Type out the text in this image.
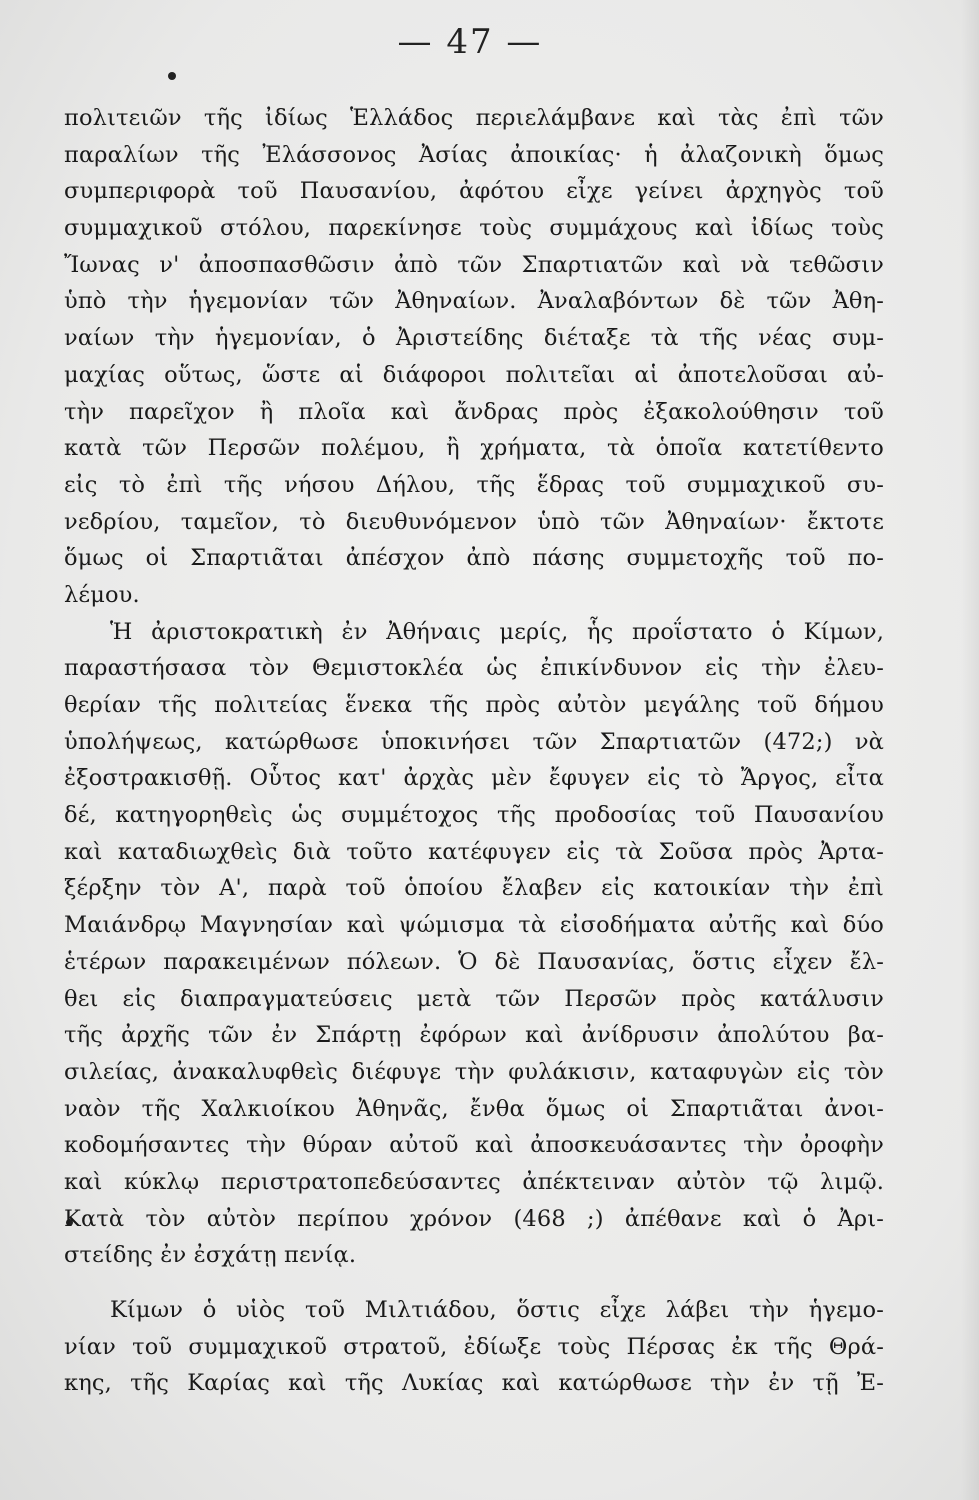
— 47 —
πολιτειῶν τῆς ἰδίως Ἑλλάδος περιελάμβανε καὶ τὰς ἐπὶ τῶν
παραλίων τῆς Ἐλάσσονος Ἀσίας ἀποικίας· ἡ ἀλαζονικὴ ὅμως
συμπεριφορὰ τοῦ Παυσανίου, ἀφότου εἶχε γείνει ἀρχηγὸς τοῦ
συμμαχικοῦ στόλου, παρεκίνησε τοὺς συμμάχους καὶ ἰδίως τοὺς
Ἴωνας ν' ἀποσπασθῶσιν ἀπὸ τῶν Σπαρτιατῶν καὶ νὰ τεθῶσιν
ὑπὸ τὴν ἡγεμονίαν τῶν Ἀθηναίων. Ἀναλαβόντων δὲ τῶν Ἀθη-
ναίων τὴν ἡγεμονίαν, ὁ Ἀριστείδης διέταξε τὰ τῆς νέας συμ-
μαχίας οὕτως, ὥστε αἱ διάφοροι πολιτεῖαι αἱ ἀποτελοῦσαι αὐ-
τὴν παρεῖχον ἢ πλοῖα καὶ ἄνδρας πρὸς ἐξακολούθησιν τοῦ
κατὰ τῶν Περσῶν πολέμου, ἢ χρήματα, τὰ ὁποῖα κατετίθεντο
εἰς τὸ ἐπὶ τῆς νήσου Δήλου, τῆς ἕδρας τοῦ συμμαχικοῦ συ-
νεδρίου, ταμεῖον, τὸ διευθυνόμενον ὑπὸ τῶν Ἀθηναίων· ἔκτοτε
ὅμως οἱ Σπαρτιᾶται ἀπέσχον ἀπὸ πάσης συμμετοχῆς τοῦ πο-
λέμου.
Ἡ ἀριστοκρατικὴ ἐν Ἀθήναις μερίς, ἧς προΐστατο ὁ Κίμων,
παραστήσασα τὸν Θεμιστοκλέα ὡς ἐπικίνδυνον εἰς τὴν ἐλευ-
θερίαν τῆς πολιτείας ἕνεκα τῆς πρὸς αὐτὸν μεγάλης τοῦ δήμου
ὑπολήψεως, κατώρθωσε ὑποκινήσει τῶν Σπαρτιατῶν (472;) νὰ
ἐξοστρακισθῇ. Οὗτος κατ' ἀρχὰς μὲν ἔφυγεν εἰς τὸ Ἄργος, εἶτα
δέ, κατηγορηθεὶς ὡς συμμέτοχος τῆς προδοσίας τοῦ Παυσανίου
καὶ καταδιωχθεὶς διὰ τοῦτο κατέφυγεν εἰς τὰ Σοῦσα πρὸς Ἀρτα-
ξέρξην τὸν Α', παρὰ τοῦ ὁποίου ἔλαβεν εἰς κατοικίαν τὴν ἐπὶ
Μαιάνδρῳ Μαγνησίαν καὶ ψώμισμα τὰ εἰσοδήματα αὐτῆς καὶ δύο
ἑτέρων παρακειμένων πόλεων. Ὁ δὲ Παυσανίας, ὅστις εἶχεν ἔλ-
θει εἰς διαπραγματεύσεις μετὰ τῶν Περσῶν πρὸς κατάλυσιν
τῆς ἀρχῆς τῶν ἐν Σπάρτῃ ἐφόρων καὶ ἀνίδρυσιν ἀπολύτου βα-
σιλείας, ἀνακαλυφθεὶς διέφυγε τὴν φυλάκισιν, καταφυγὼν εἰς τὸν
ναὸν τῆς Χαλκιοίκου Ἀθηνᾶς, ἔνθα ὅμως οἱ Σπαρτιᾶται ἀνοι-
κοδομήσαντες τὴν θύραν αὐτοῦ καὶ ἀποσκευάσαντες τὴν ὀροφὴν
καὶ κύκλῳ περιστρατοπεδεύσαντες ἀπέκτειναν αὐτὸν τῷ λιμῷ.
Κατὰ τὸν αὐτὸν περίπου χρόνον (468 ;) ἀπέθανε καὶ ὁ Ἀρι-
στείδης ἐν ἐσχάτῃ πενίᾳ.
Κίμων ὁ υἱὸς τοῦ Μιλτιάδου, ὅστις εἶχε λάβει τὴν ἡγεμο-
νίαν τοῦ συμμαχικοῦ στρατοῦ, ἐδίωξε τοὺς Πέρσας ἐκ τῆς Θρά-
κης, τῆς Καρίας καὶ τῆς Λυκίας καὶ κατώρθωσε τὴν ἐν τῇ Ἐ-
